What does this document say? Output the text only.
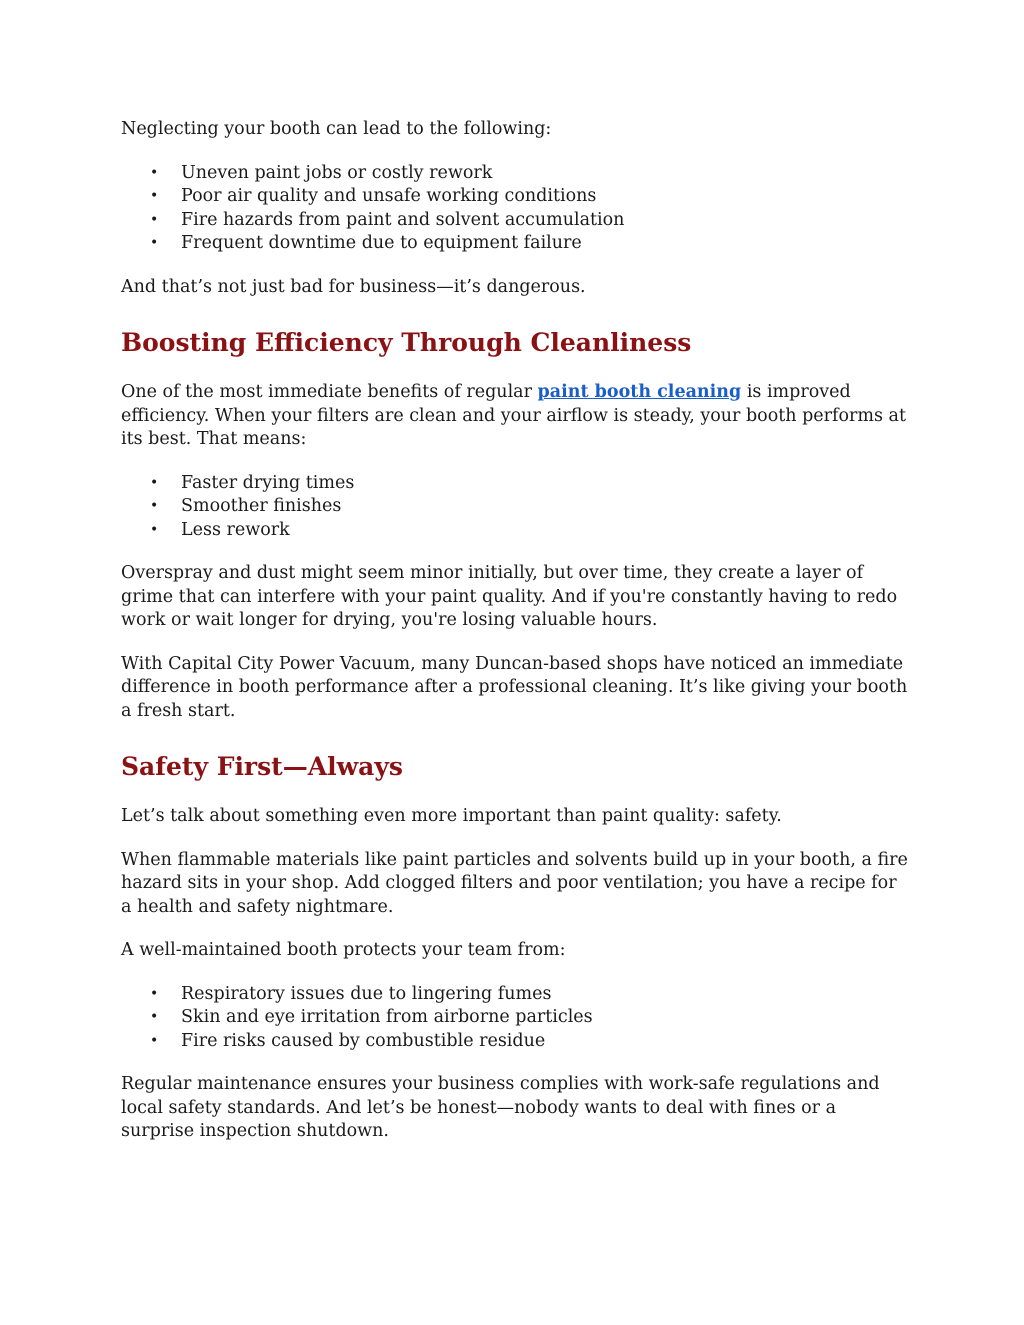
Neglecting your booth can lead to the following:

• Uneven paint jobs or costly rework
• Poor air quality and unsafe working conditions
• Fire hazards from paint and solvent accumulation
• Frequent downtime due to equipment failure

And that’s not just bad for business—it’s dangerous.

Boosting Efficiency Through Cleanliness

One of the most immediate benefits of regular paint booth cleaning is improved efficiency. When your filters are clean and your airflow is steady, your booth performs at its best. That means:

• Faster drying times
• Smoother finishes
• Less rework

Overspray and dust might seem minor initially, but over time, they create a layer of grime that can interfere with your paint quality. And if you're constantly having to redo work or wait longer for drying, you're losing valuable hours.

With Capital City Power Vacuum, many Duncan-based shops have noticed an immediate difference in booth performance after a professional cleaning. It’s like giving your booth a fresh start.

Safety First—Always

Let’s talk about something even more important than paint quality: safety.

When flammable materials like paint particles and solvents build up in your booth, a fire hazard sits in your shop. Add clogged filters and poor ventilation; you have a recipe for a health and safety nightmare.

A well-maintained booth protects your team from:

• Respiratory issues due to lingering fumes
• Skin and eye irritation from airborne particles
• Fire risks caused by combustible residue

Regular maintenance ensures your business complies with work-safe regulations and local safety standards. And let’s be honest—nobody wants to deal with fines or a surprise inspection shutdown.
